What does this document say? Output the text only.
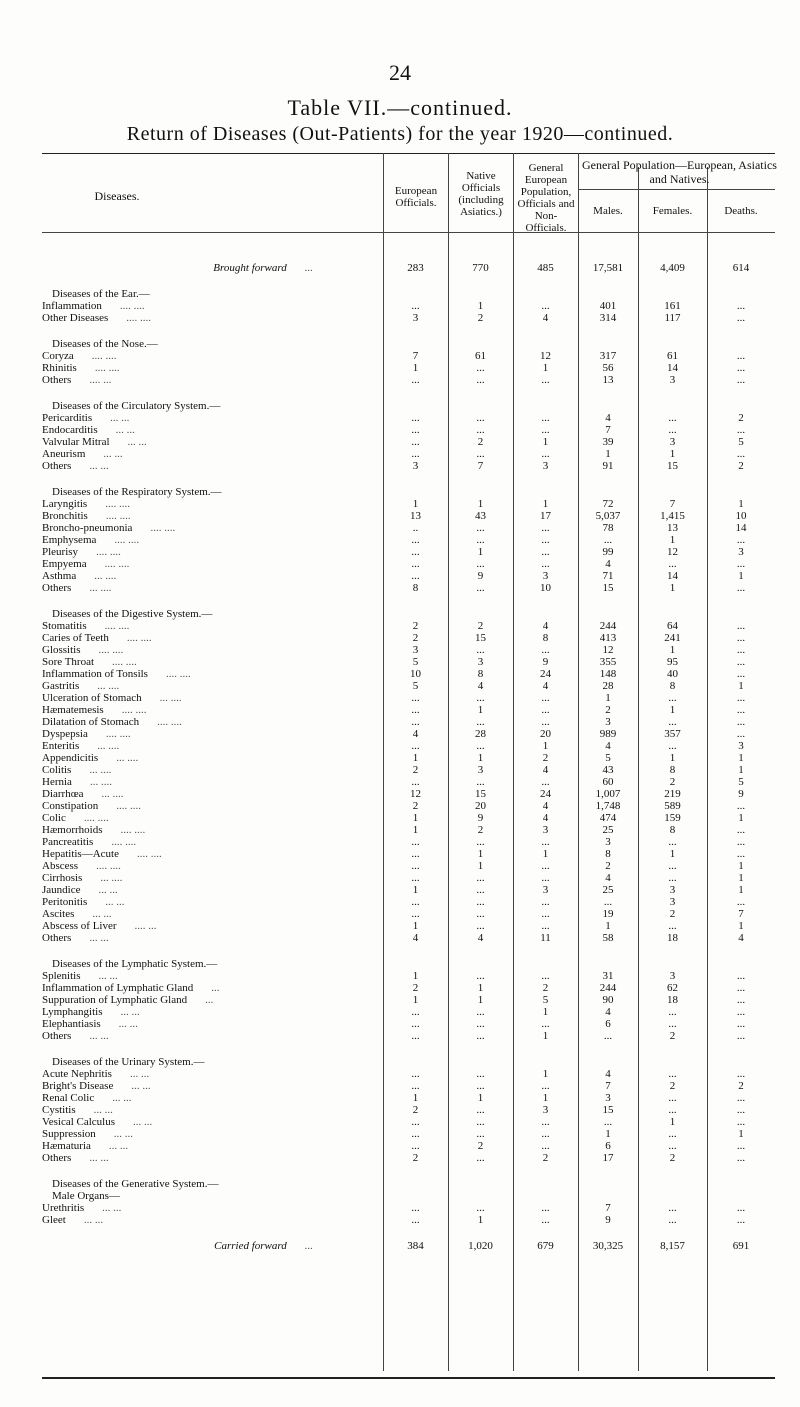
24
Table VII.—continued.
Return of Diseases (Out-Patients) for the year 1920—continued.
Diseases.	European Officials.
Native Officials (including Asiatics.)
General European Population, Officials and Non-Officials.
General Population—European, Asiatics and Natives.
Males.	Females.	Deaths.
Brought forward ...	283	770	485	17,581	4,409	614

Diseases of the Ear.—						
Inflammation .... ....	...	1	...	401	161	...
Other Diseases .... ....	3	2	4	314	117	...

Diseases of the Nose.—						
Coryza .... ....	7	61	12	317	61	...
Rhinitis .... ....	1	...	1	56	14	...
Others .... ...	...	...	...	13	3	...

Diseases of the Circulatory System.—						
Pericarditis ... ...	...	...	...	4	...	2
Endocarditis ... ...	...	...	...	7	...	...
Valvular Mitral ... ...	...	2	1	39	3	5
Aneurism ... ...	...	...	...	1	1	...
Others ... ...	3	7	3	91	15	2

Diseases of the Respiratory System.—						
Laryngitis .... ....	1	1	1	72	7	1
Bronchitis .... ....	13	43	17	5,037	1,415	10
Broncho-pneumonia .... ....	..	...	...	78	13	14
Emphysema .... ....	...	...	...	...	1	...
Pleurisy .... ....	...	1	...	99	12	3
Empyema .... ....	...	...	...	4	...	...
Asthma ... ....	...	9	3	71	14	1
Others ... ....	8	...	10	15	1	...

Diseases of the Digestive System.—						
Stomatitis .... ....	2	2	4	244	64	...
Caries of Teeth .... ....	2	15	8	413	241	...
Glossitis .... ....	3	...	...	12	1	...
Sore Throat .... ....	5	3	9	355	95	...
Inflammation of Tonsils .... ....	10	8	24	148	40	...
Gastritis ... ....	5	4	4	28	8	1
Ulceration of Stomach ... ....	...	...	...	1	...	...
Hæmatemesis .... ....	...	1	...	2	1	...
Dilatation of Stomach .... ....	...	...	...	3	...	...
Dyspepsia .... ....	4	28	20	989	357	...
Enteritis ... ....	...	...	1	4	...	3
Appendicitis ... ....	1	1	2	5	1	1
Colitis ... ....	2	3	4	43	8	1
Hernia ... ....	...	...	...	60	2	5
Diarrhœa ... ....	12	15	24	1,007	219	9
Constipation .... ....	2	20	4	1,748	589	...
Colic .... ....	1	9	4	474	159	1
Hæmorrhoids .... ....	1	2	3	25	8	...
Pancreatitis .... ....	...	...	...	3	...	...
Hepatitis—Acute .... ....	...	1	1	8	1	...
Abscess .... ....	...	1	...	2	...	1
Cirrhosis ... ....	...	...	...	4	...	1
Jaundice ... ...	1	...	3	25	3	1
Peritonitis ... ...	...	...	...	...	3	...
Ascites ... ...	...	...	...	19	2	7
Abscess of Liver .... ...	1	...	...	1	...	1
Others ... ...	4	4	11	58	18	4

Diseases of the Lymphatic System.—						
Splenitis ... ...	1	...	...	31	3	...
Inflammation of Lymphatic Gland ...	2	1	2	244	62	...
Suppuration of Lymphatic Gland ...	1	1	5	90	18	...
Lymphangitis ... ...	...	...	1	4	...	...
Elephantiasis ... ...	...	...	...	6	...	...
Others ... ...	...	...	1	...	2	...

Diseases of the Urinary System.—						
Acute Nephritis ... ...	...	...	1	4	...	...
Bright's Disease ... ...	...	...	...	7	2	2
Renal Colic ... ...	1	1	1	3	...	...
Cystitis ... ...	2	...	3	15	...	...
Vesical Calculus ... ...	...	...	...	...	1	...
Suppression ... ...	...	...	...	1	...	1
Hæmaturia ... ...	...	2	...	6	...	...
Others ... ...	2	...	2	17	2	...

Diseases of the Generative System.—						
Male Organs—						
Urethritis ... ...	...	...	...	7	...	...
Gleet ... ...	...	1	...	9	...	...

Carried forward ...	384	1,020	679	30,325	8,157	691
